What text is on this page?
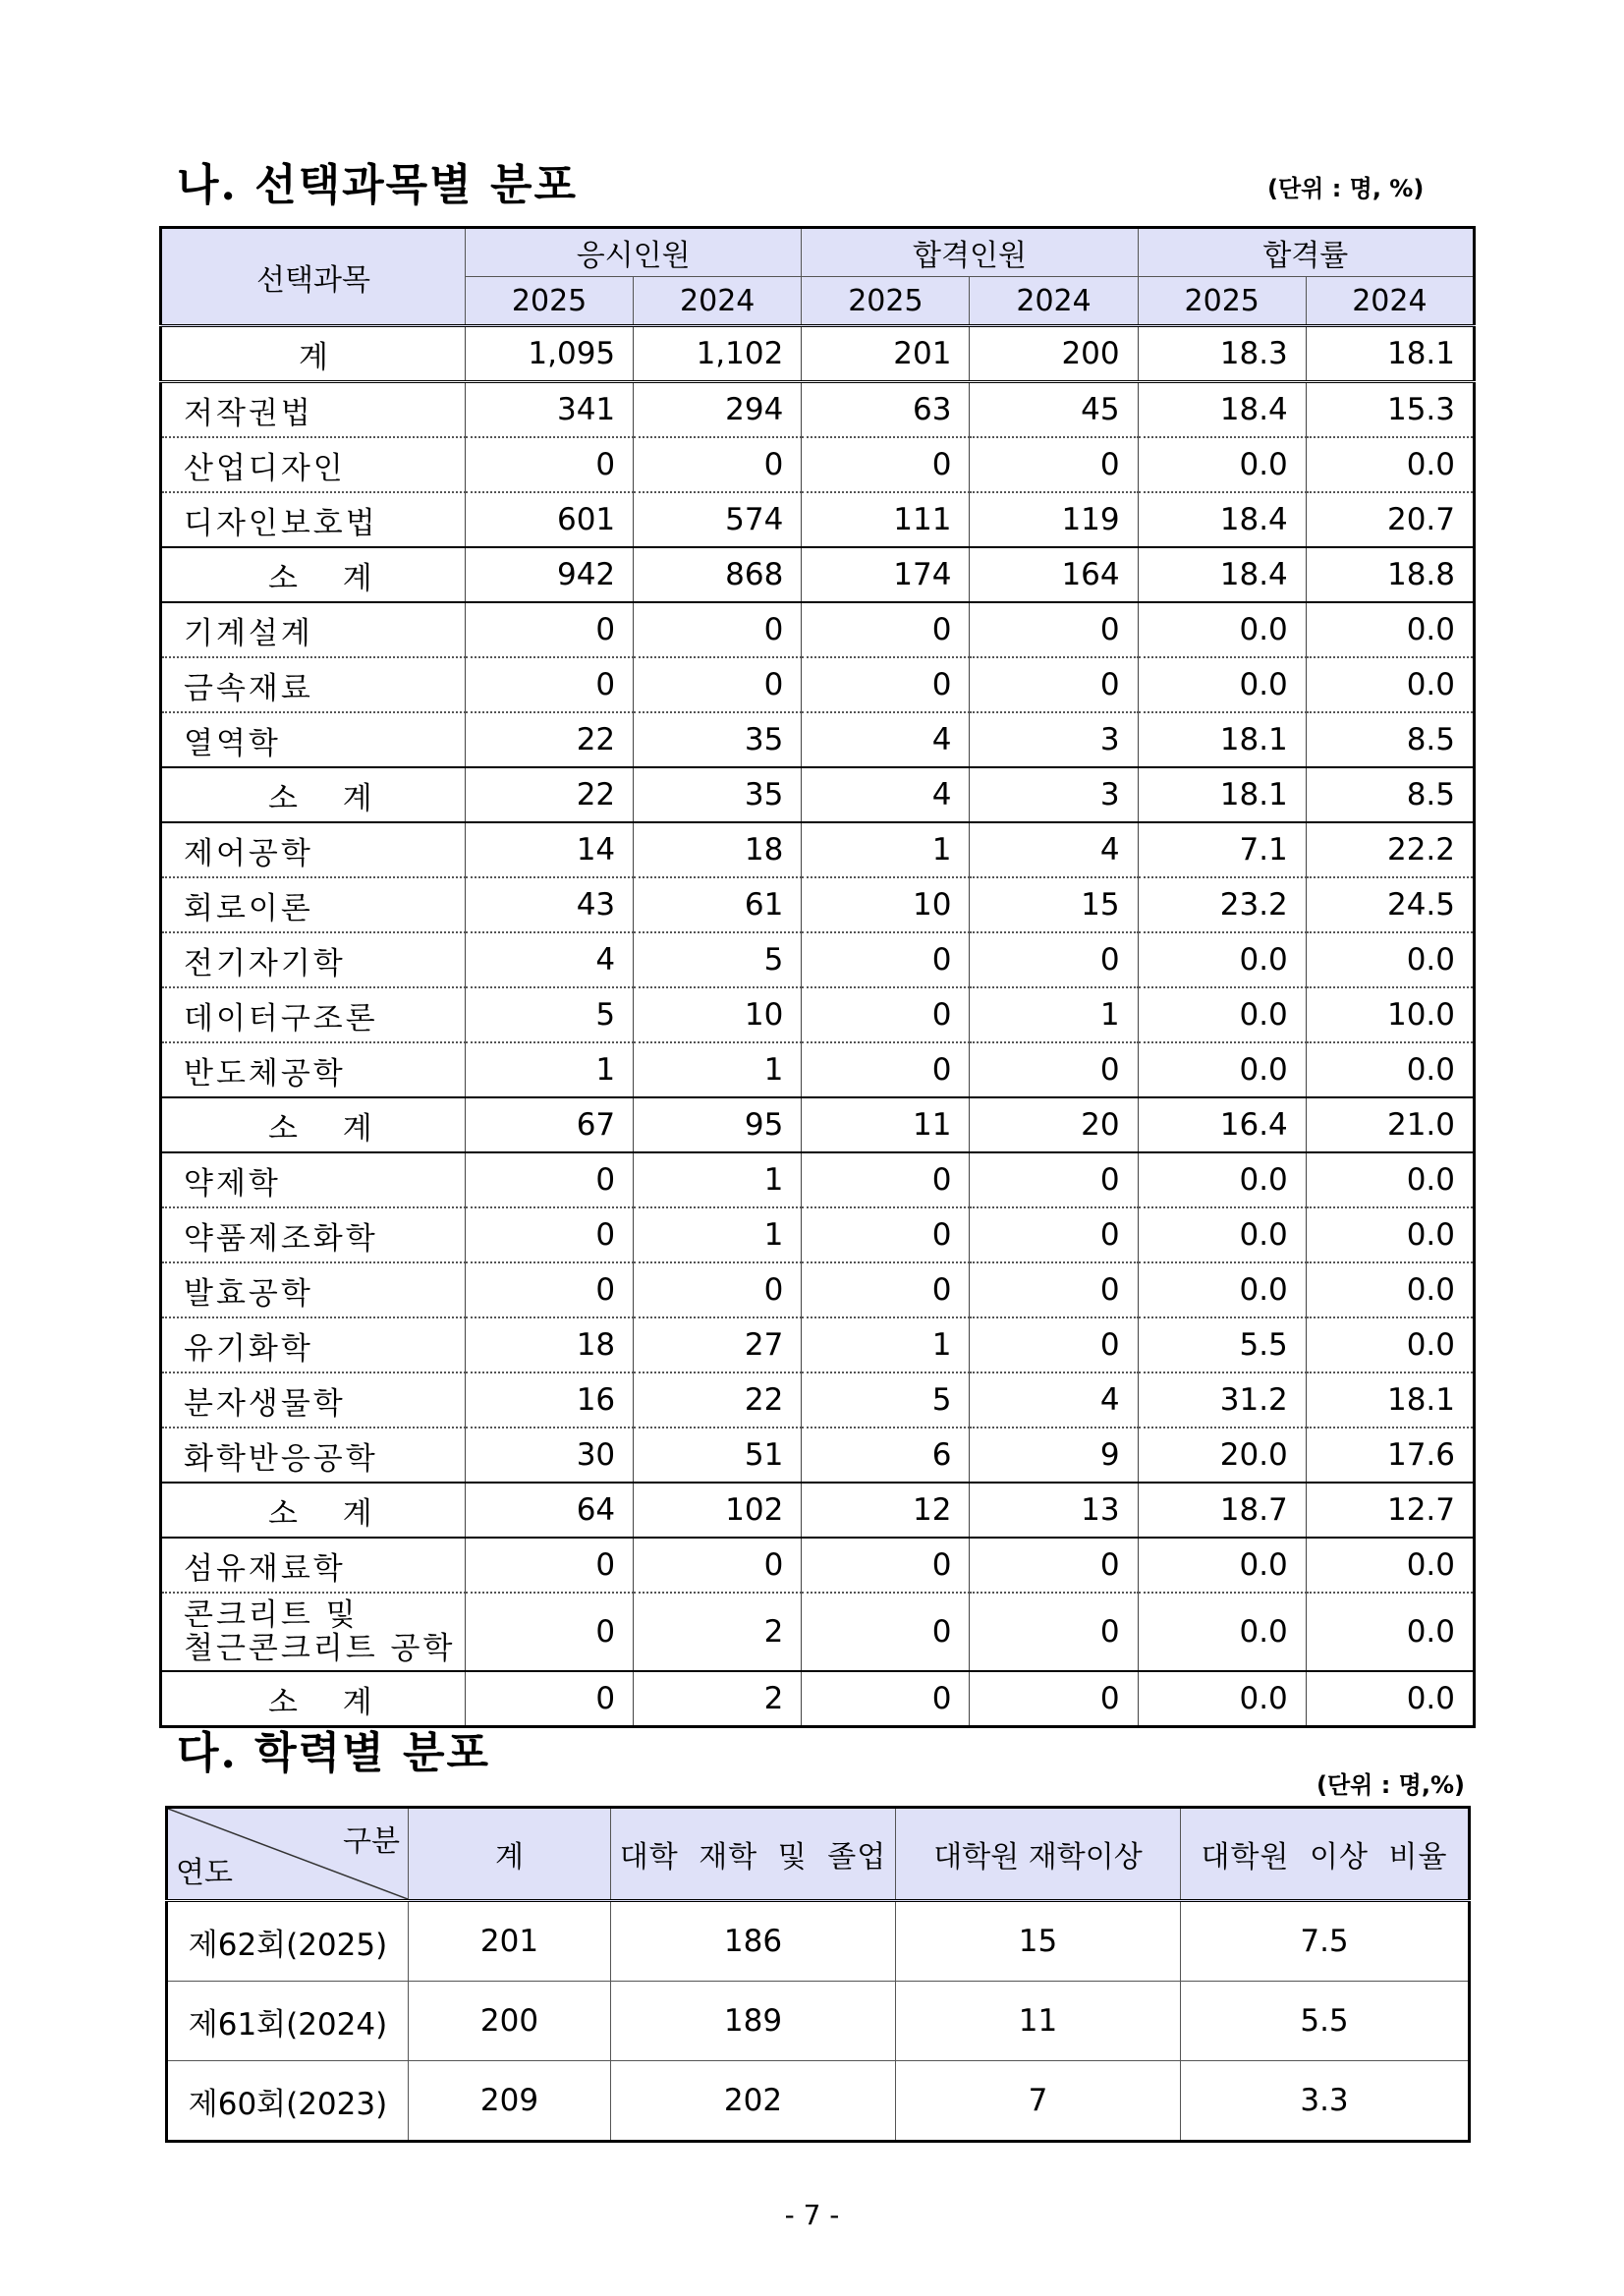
나. 선택과목별 분포	(단위 : 명, %)
선택과목	응시인원		합격인원		합격률	
	2025	2024	2025	2024	2025	2024
계	1,095	1,102	201	200	18.3	18.1
저작권법	341	294	63	45	18.4	15.3
산업디자인	0	0	0	0	0.0	0.0
디자인보호법	601	574	111	119	18.4	20.7
소 계	942	868	174	164	18.4	18.8
기계설계	0	0	0	0	0.0	0.0
금속재료	0	0	0	0	0.0	0.0
열역학	22	35	4	3	18.1	8.5
소 계	22	35	4	3	18.1	8.5
제어공학	14	18	1	4	7.1	22.2
회로이론	43	61	10	15	23.2	24.5
전기자기학	4	5	0	0	0.0	0.0
데이터구조론	5	10	0	1	0.0	10.0
반도체공학	1	1	0	0	0.0	0.0
소 계	67	95	11	20	16.4	21.0
약제학	0	1	0	0	0.0	0.0
약품제조화학	0	1	0	0	0.0	0.0
발효공학	0	0	0	0	0.0	0.0
유기화학	18	27	1	0	5.5	0.0
분자생물학	16	22	5	4	31.2	18.1
화학반응공학	30	51	6	9	20.0	17.6
소 계	64	102	12	13	18.7	12.7
섬유재료학	0	0	0	0	0.0	0.0

콘크리트 및
철근콘크리트 공학	0	2	0	0	0.0	0.0
소 계	0	2	0	0	0.0	0.0
다. 학력별 분포
(단위 : 명,%)
구분
연도	계	대학 재학 및 졸업	대학원 재학이상	대학원 이상 비율
제62회(2025)	201	186	15	7.5
제61회(2024)	200	189	11	5.5
제60회(2023)	209	202	7	3.3
- 7 -
